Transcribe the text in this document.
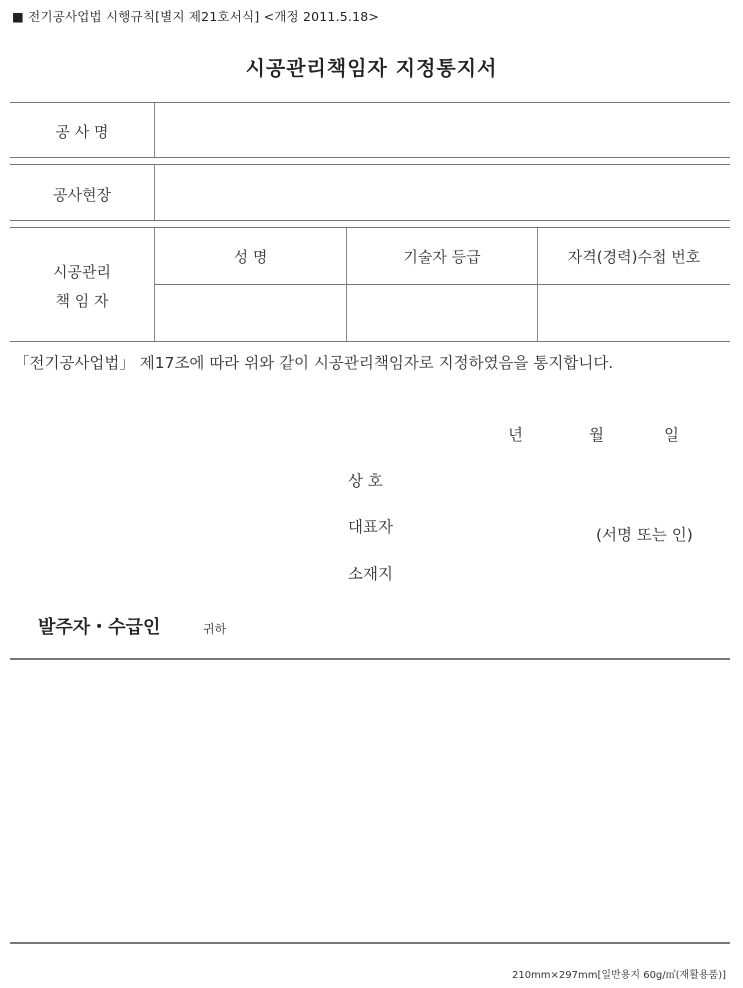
■ 전기공사업법 시행규칙[별지 제21호서식] <개정 2011.5.18>
시공관리책임자 지정통지서
공 사 명
공사현장
시공관리
책 임 자
성 명	기술자 등급	자격(경력)수첩 번호
「전기공사업법」 제17조에 따라 위와 같이 시공관리책임자로 지정하였음을 통지합니다.
년	월	일
상 호
대표자
소재지
(서명 또는 인)
발주자・수급인	귀하
210mm×297mm[일반용지 60g/㎡(재활용품)]
